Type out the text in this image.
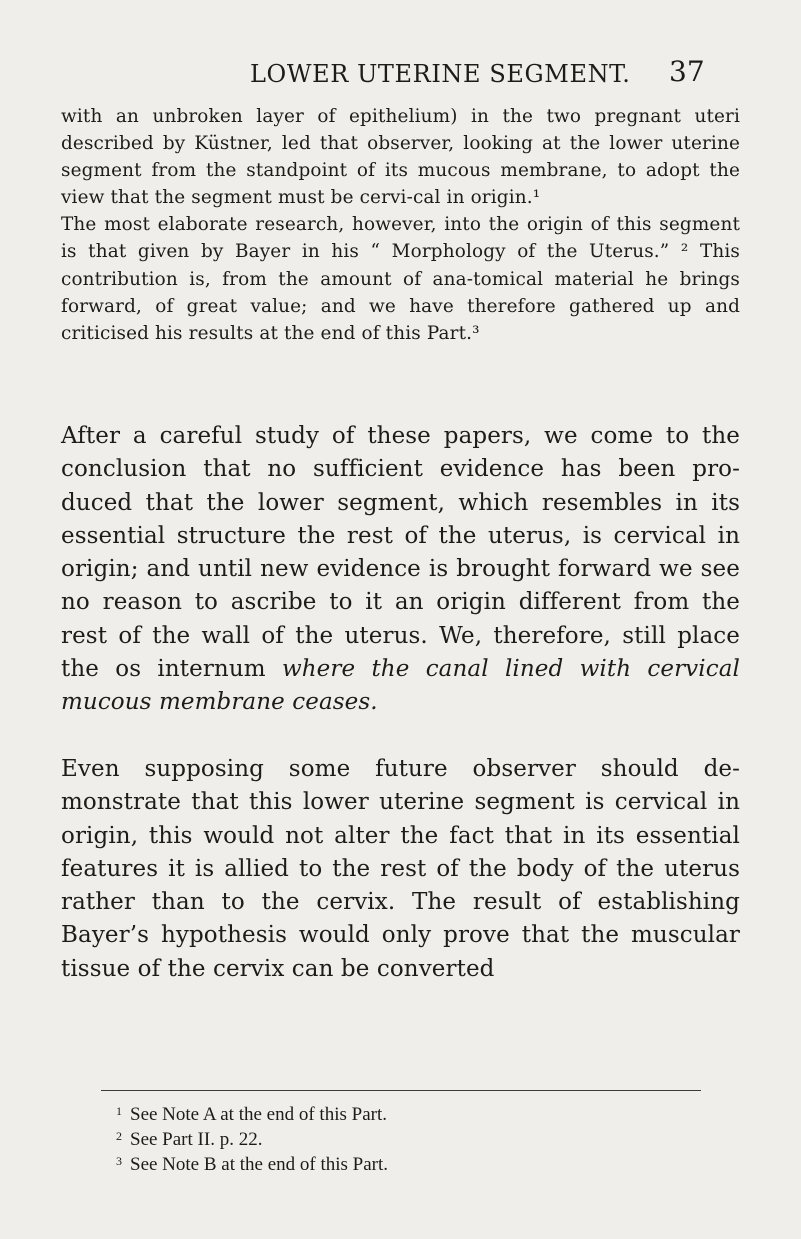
LOWER UTERINE SEGMENT. 37

with an unbroken layer of epithelium) in the two pregnant uteri described by Küstner, led that observer, looking at the lower uterine segment from the standpoint of its mucous membrane, to adopt the view that the segment must be cervi-cal in origin.¹
The most elaborate research, however, into the origin of this segment is that given by Bayer in his “ Morphology of the Uterus.” ² This contribution is, from the amount of ana-tomical material he brings forward, of great value; and we have therefore gathered up and criticised his results at the end of this Part.³

After a careful study of these papers, we come to the conclusion that no sufficient evidence has been pro-duced that the lower segment, which resembles in its essential structure the rest of the uterus, is cervical in origin; and until new evidence is brought forward we see no reason to ascribe to it an origin different from the rest of the wall of the uterus. We, therefore, still place the os internum where the canal lined with cervical mucous membrane ceases.

Even supposing some future observer should de-monstrate that this lower uterine segment is cervical in origin, this would not alter the fact that in its essential features it is allied to the rest of the body of the uterus rather than to the cervix. The result of establishing Bayer’s hypothesis would only prove that the muscular tissue of the cervix can be converted

1 See Note A at the end of this Part.
2 See Part II. p. 22.
3 See Note B at the end of this Part.
